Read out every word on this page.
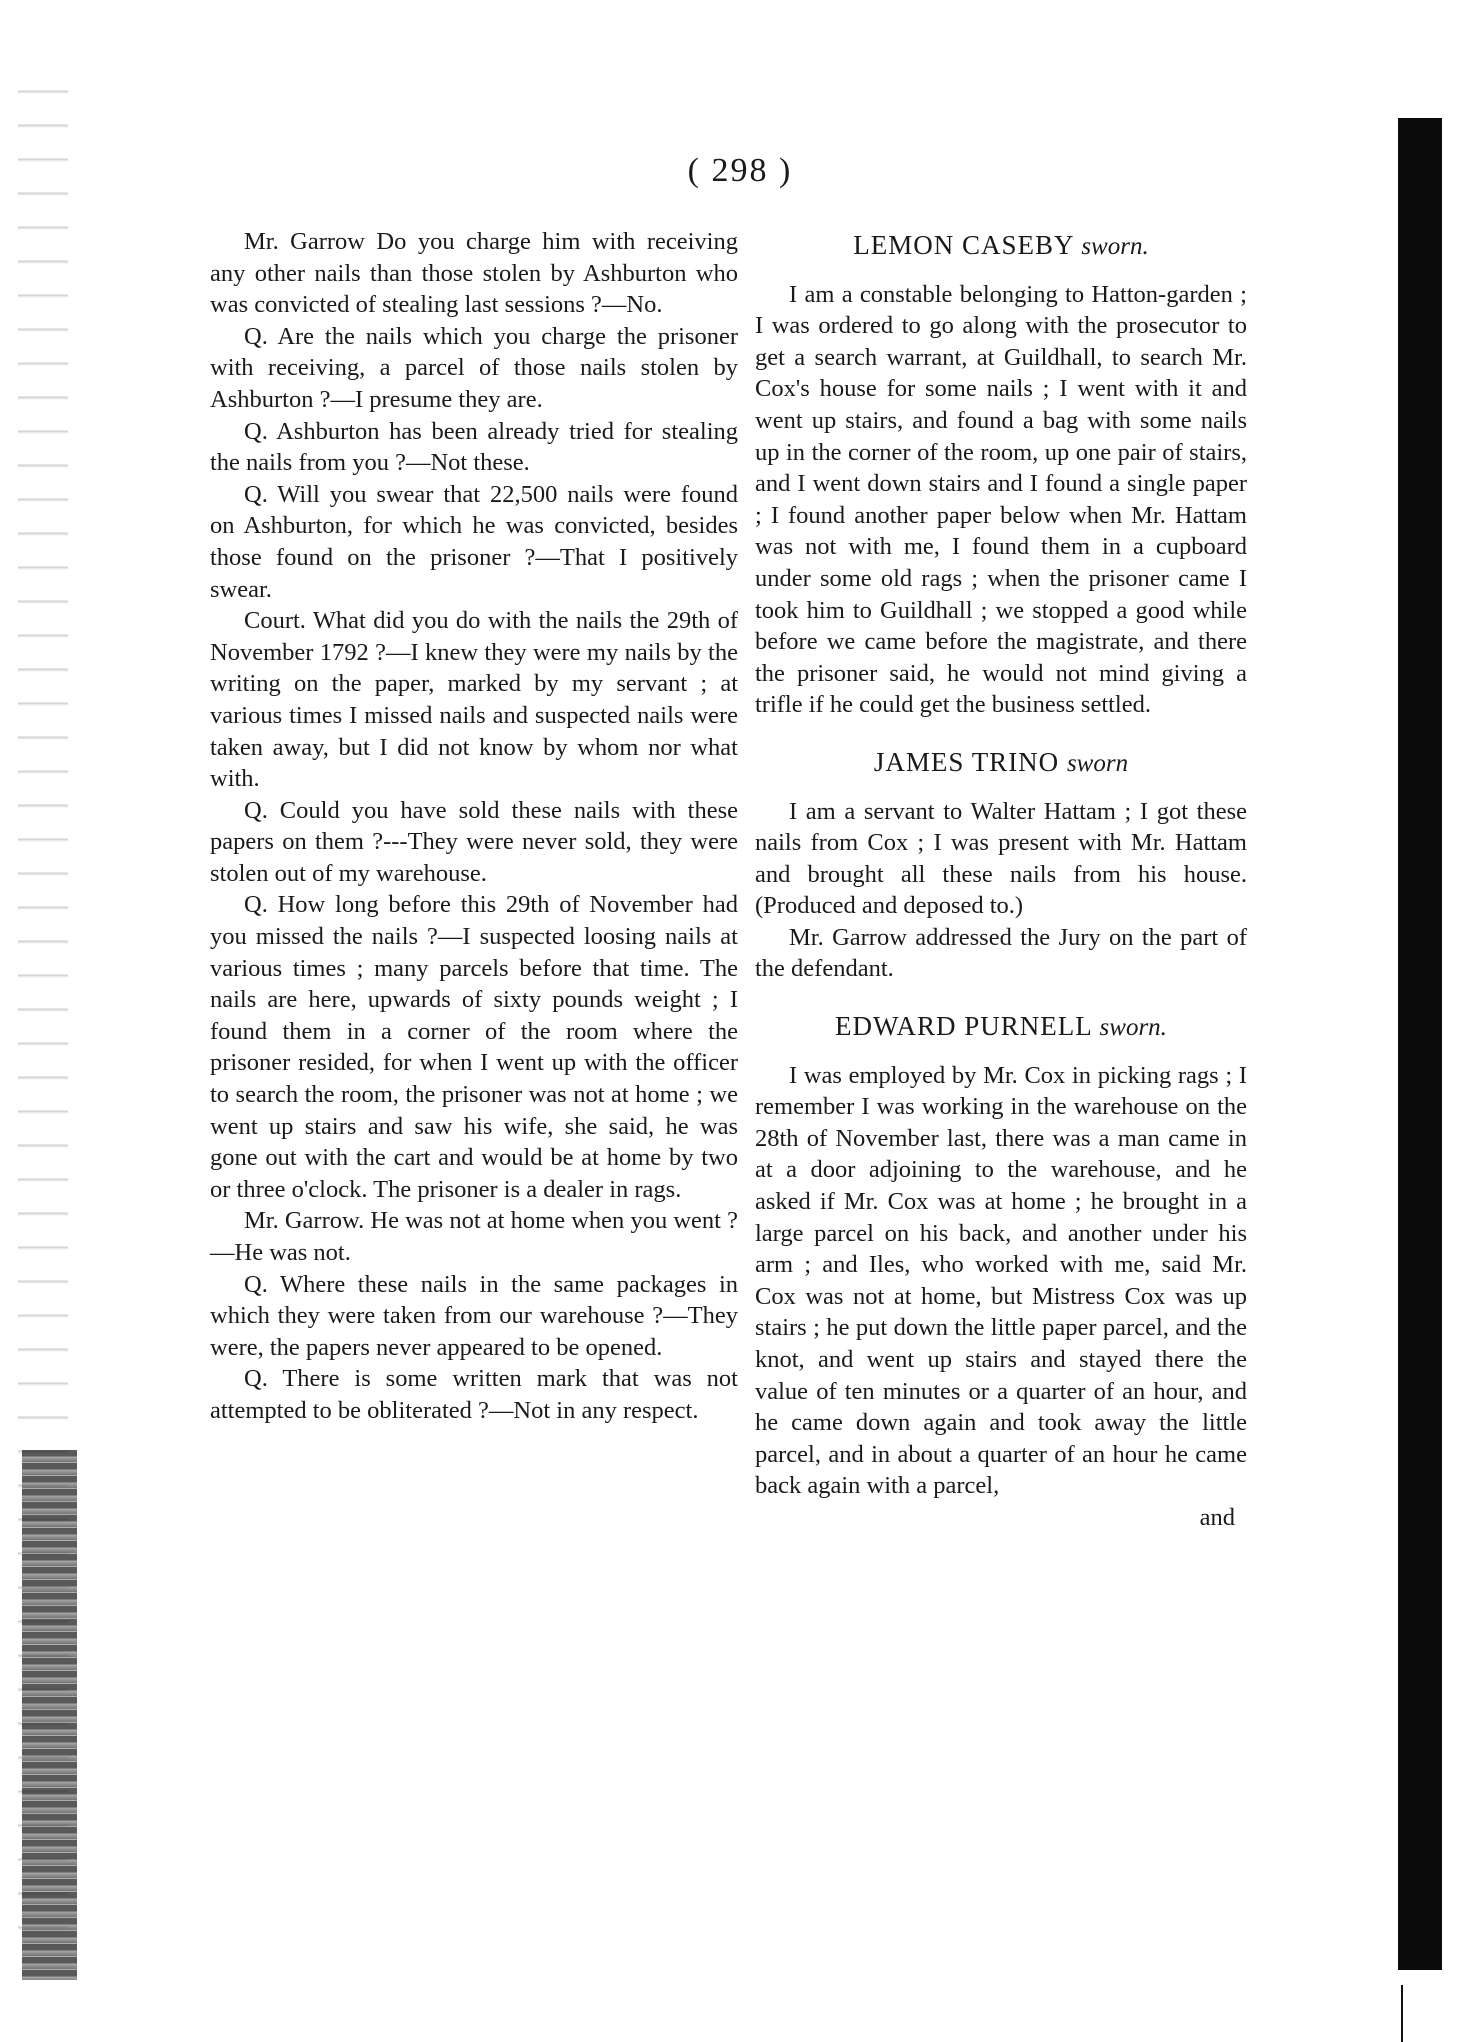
( 298 )

Mr. Garrow Do you charge him with receiving any other nails than those stolen by Ashburton who was convicted of stealing last sessions ?—No.

Q. Are the nails which you charge the prisoner with receiving, a parcel of those nails stolen by Ashburton ?—I presume they are.

Q. Ashburton has been already tried for stealing the nails from you ?—Not these.

Q. Will you swear that 22,500 nails were found on Ashburton, for which he was convicted, besides those found on the prisoner ?—That I positively swear.

Court. What did you do with the nails the 29th of November 1792 ?—I knew they were my nails by the writing on the paper, marked by my servant ; at various times I missed nails and suspected nails were taken away, but I did not know by whom nor what with.

Q. Could you have sold these nails with these papers on them ?---They were never sold, they were stolen out of my warehouse.

Q. How long before this 29th of November had you missed the nails ?—I suspected loosing nails at various times ; many parcels before that time. The nails are here, upwards of sixty pounds weight ; I found them in a corner of the room where the prisoner resided, for when I went up with the officer to search the room, the prisoner was not at home ; we went up stairs and saw his wife, she said, he was gone out with the cart and would be at home by two or three o'clock. The prisoner is a dealer in rags.

Mr. Garrow. He was not at home when you went ?—He was not.

Q. Where these nails in the same packages in which they were taken from our warehouse ?—They were, the papers never appeared to be opened.

Q. There is some written mark that was not attempted to be obliterated ?—Not in any respect.

LEMON CASEBY sworn.

I am a constable belonging to Hatton-garden ; I was ordered to go along with the prosecutor to get a search warrant, at Guildhall, to search Mr. Cox's house for some nails ; I went with it and went up stairs, and found a bag with some nails up in the corner of the room, up one pair of stairs, and I went down stairs and I found a single paper ; I found another paper below when Mr. Hattam was not with me, I found them in a cupboard under some old rags ; when the prisoner came I took him to Guildhall ; we stopped a good while before we came before the magistrate, and there the prisoner said, he would not mind giving a trifle if he could get the business settled.

JAMES TRINO sworn

I am a servant to Walter Hattam ; I got these nails from Cox ; I was present with Mr. Hattam and brought all these nails from his house. (Produced and deposed to.)

Mr. Garrow addressed the Jury on the part of the defendant.

EDWARD PURNELL sworn.

I was employed by Mr. Cox in picking rags ; I remember I was working in the warehouse on the 28th of November last, there was a man came in at a door adjoining to the warehouse, and he asked if Mr. Cox was at home ; he brought in a large parcel on his back, and another under his arm ; and Iles, who worked with me, said Mr. Cox was not at home, but Mistress Cox was up stairs ; he put down the little paper parcel, and the knot, and went up stairs and stayed there the value of ten minutes or a quarter of an hour, and he came down again and took away the little parcel, and in about a quarter of an hour he came back again with a parcel,

and
